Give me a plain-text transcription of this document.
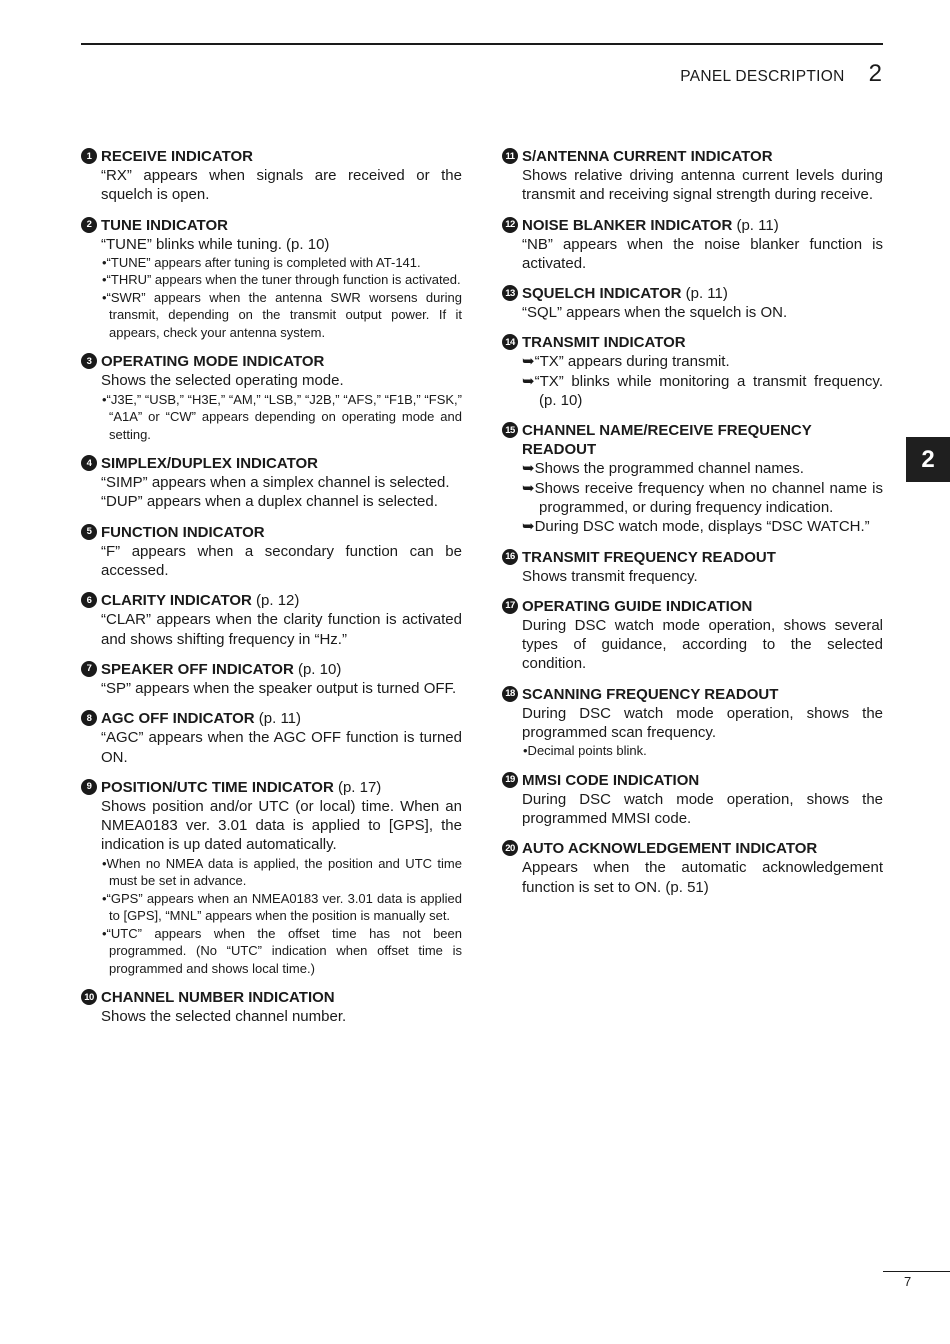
PANEL DESCRIPTION 2
2
1 RECEIVE INDICATOR
“RX” appears when signals are received or the squelch is open.
2 TUNE INDICATOR
“TUNE” blinks while tuning. (p. 10)
•“TUNE” appears after tuning is completed with AT-141.
•“THRU” appears when the tuner through function is activated.
•“SWR” appears when the antenna SWR worsens during transmit, depending on the transmit output power. If it appears, check your antenna system.
3 OPERATING MODE INDICATOR
Shows the selected operating mode.
•“J3E,” “USB,” “H3E,” “AM,” “LSB,” “J2B,” “AFS,” “F1B,” “FSK,” “A1A” or “CW” appears depending on operating mode and setting.
4 SIMPLEX/DUPLEX INDICATOR
“SIMP” appears when a simplex channel is selected.
“DUP” appears when a duplex channel is selected.
5 FUNCTION INDICATOR
“F” appears when a secondary function can be accessed.
6 CLARITY INDICATOR (p. 12)
“CLAR” appears when the clarity function is activated and shows shifting frequency in “Hz.”
7 SPEAKER OFF INDICATOR (p. 10)
“SP” appears when the speaker output is turned OFF.
8 AGC OFF INDICATOR (p. 11)
“AGC” appears when the AGC OFF function is turned ON.
9 POSITION/UTC TIME INDICATOR (p. 17)
Shows position and/or UTC (or local) time. When an NMEA0183 ver. 3.01 data is applied to [GPS], the indication is up dated automatically.
•When no NMEA data is applied, the position and UTC time must be set in advance.
•“GPS” appears when an NMEA0183 ver. 3.01 data is applied to [GPS], “MNL” appears when the position is manually set.
•“UTC” appears when the offset time has not been programmed. (No “UTC” indication when offset time is programmed and shows local time.)
10 CHANNEL NUMBER INDICATION
Shows the selected channel number.
11 S/ANTENNA CURRENT INDICATOR
Shows relative driving antenna current levels during transmit and receiving signal strength during receive.
12 NOISE BLANKER INDICATOR (p. 11)
“NB” appears when the noise blanker function is activated.
13 SQUELCH INDICATOR (p. 11)
“SQL” appears when the squelch is ON.
14 TRANSMIT INDICATOR
➥“TX” appears during transmit.
➥“TX” blinks while monitoring a transmit frequency. (p. 10)
15 CHANNEL NAME/RECEIVE FREQUENCY READOUT
➥Shows the programmed channel names.
➥Shows receive frequency when no channel name is programmed, or during frequency indication.
➥During DSC watch mode, displays “DSC WATCH.”
16 TRANSMIT FREQUENCY READOUT
Shows transmit frequency.
17 OPERATING GUIDE INDICATION
During DSC watch mode operation, shows several types of guidance, according to the selected condition.
18 SCANNING FREQUENCY READOUT
During DSC watch mode operation, shows the programmed scan frequency.
•Decimal points blink.
19 MMSI CODE INDICATION
During DSC watch mode operation, shows the programmed MMSI code.
20 AUTO ACKNOWLEDGEMENT INDICATOR
Appears when the automatic acknowledgement function is set to ON. (p. 51)
7
